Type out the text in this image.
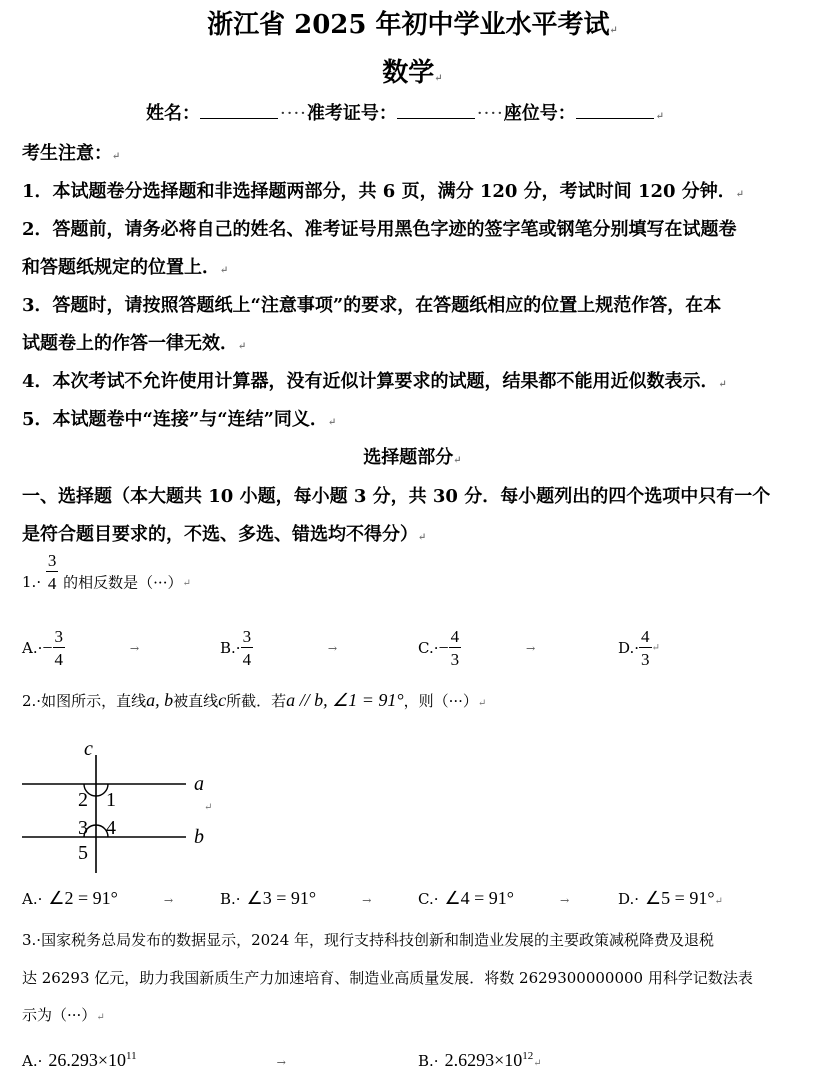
浙江省 2025 年初中学业水平考试↵
数学↵
姓名：	····准考证号：	····座位号：	↵
考生注意：↵
1．本试题卷分选择题和非选择题两部分，共 6 页，满分 120 分，考试时间 120 分钟．↵
2．答题前，请务必将自己的姓名、准考证号用黑色字迹的签字笔或钢笔分别填写在试题卷
和答题纸规定的位置上．↵
3．答题时，请按照答题纸上“注意事项”的要求，在答题纸相应的位置上规范作答，在本
试题卷上的作答一律无效．↵
4．本次考试不允许使用计算器，没有近似计算要求的试题，结果都不能用近似数表示．↵
5．本试题卷中“连接”与“连结”同义．↵
选择题部分↵
一、选择题（本大题共 10 小题，每小题 3 分，共 30 分．每小题列出的四个选项中只有一个
是符合题目要求的，不选、多选、错选均不得分）↵
$1.\cdot \frac{3}{4}$ 的相反数是（···）↵
$A.\cdot- \frac{3}{4}$	→	$B.\cdot \frac{3}{4}$	→	$C.\cdot- \frac{4}{3}$	→	$D.\cdot \frac{4}{3}$ ↵
2.·如图所示，直线a, b被直线c所截．若a // b, ∠1 = 91°，则（···）↵
c
a
b
1
2
3 4
5
↵
A.· ∠2 = 91°	→	B.· ∠3 = 91°	→	C.· ∠4 = 91°	→	D.· ∠5 = 91°↵
3.·国家税务总局发布的数据显示，2024 年，现行支持科技创新和制造业发展的主要政策减税降费及退税
达 26293 亿元，助力我国新质生产力加速培育、制造业高质量发展．将数 2629300000000 用科学记数法表
示为（···）↵
$A.\cdot 26.293\times 10^{11}$	→	$B.\cdot 2.6293\times 10^{12}↵$
